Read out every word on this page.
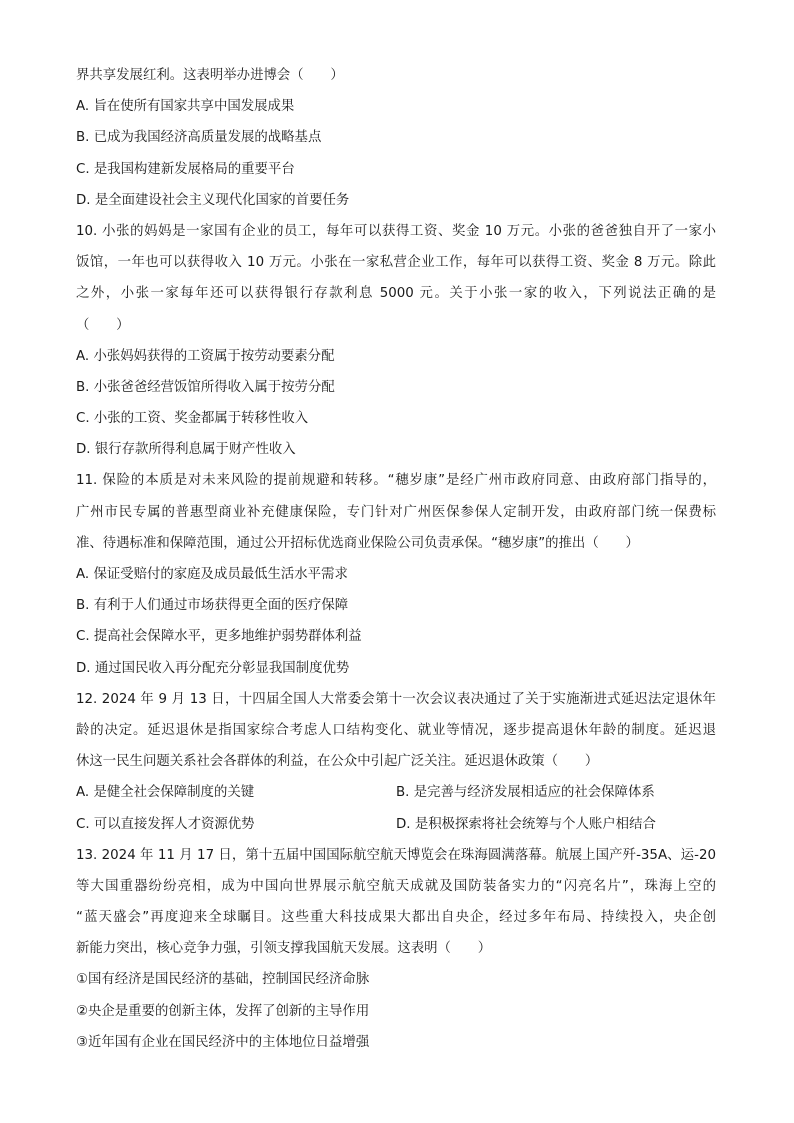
界共享发展红利。这表明举办进博会（　　）

A. 旨在使所有国家共享中国发展成果

B. 已成为我国经济高质量发展的战略基点

C. 是我国构建新发展格局的重要平台

D. 是全面建设社会主义现代化国家的首要任务

10. 小张的妈妈是一家国有企业的员工，每年可以获得工资、奖金 10 万元。小张的爸爸独自开了一家小

饭馆，一年也可以获得收入 10 万元。小张在一家私营企业工作，每年可以获得工资、奖金 8 万元。除此

之外，小张一家每年还可以获得银行存款利息 5000 元。关于小张一家的收入，下列说法正确的是

（　　）

A. 小张妈妈获得的工资属于按劳动要素分配

B. 小张爸爸经营饭馆所得收入属于按劳分配

C. 小张的工资、奖金都属于转移性收入

D. 银行存款所得利息属于财产性收入

11. 保险的本质是对未来风险的提前规避和转移。“穗岁康”是经广州市政府同意、由政府部门指导的，

广州市民专属的普惠型商业补充健康保险，专门针对广州医保参保人定制开发，由政府部门统一保费标

准、待遇标准和保障范围，通过公开招标优选商业保险公司负责承保。“穗岁康”的推出（　　）

A. 保证受赔付的家庭及成员最低生活水平需求

B. 有利于人们通过市场获得更全面的医疗保障

C. 提高社会保障水平，更多地维护弱势群体利益

D. 通过国民收入再分配充分彰显我国制度优势

12. 2024 年 9 月 13 日，十四届全国人大常委会第十一次会议表决通过了关于实施渐进式延迟法定退休年

龄的决定。延迟退休是指国家综合考虑人口结构变化、就业等情况，逐步提高退休年龄的制度。延迟退

休这一民生问题关系社会各群体的利益，在公众中引起广泛关注。延迟退休政策（　　）

A. 是健全社会保障制度的关键	B. 是完善与经济发展相适应的社会保障体系
C. 可以直接发挥人才资源优势	D. 是积极探索将社会统筹与个人账户相结合

13. 2024 年 11 月 17 日，第十五届中国国际航空航天博览会在珠海圆满落幕。航展上国产歼-35A、运-20

等大国重器纷纷亮相，成为中国向世界展示航空航天成就及国防装备实力的“闪亮名片”，珠海上空的

“蓝天盛会”再度迎来全球瞩目。这些重大科技成果大都出自央企，经过多年布局、持续投入，央企创

新能力突出，核心竞争力强，引领支撑我国航天发展。这表明（　　）

①国有经济是国民经济的基础，控制国民经济命脉

②央企是重要的创新主体，发挥了创新的主导作用

③近年国有企业在国民经济中的主体地位日益增强
